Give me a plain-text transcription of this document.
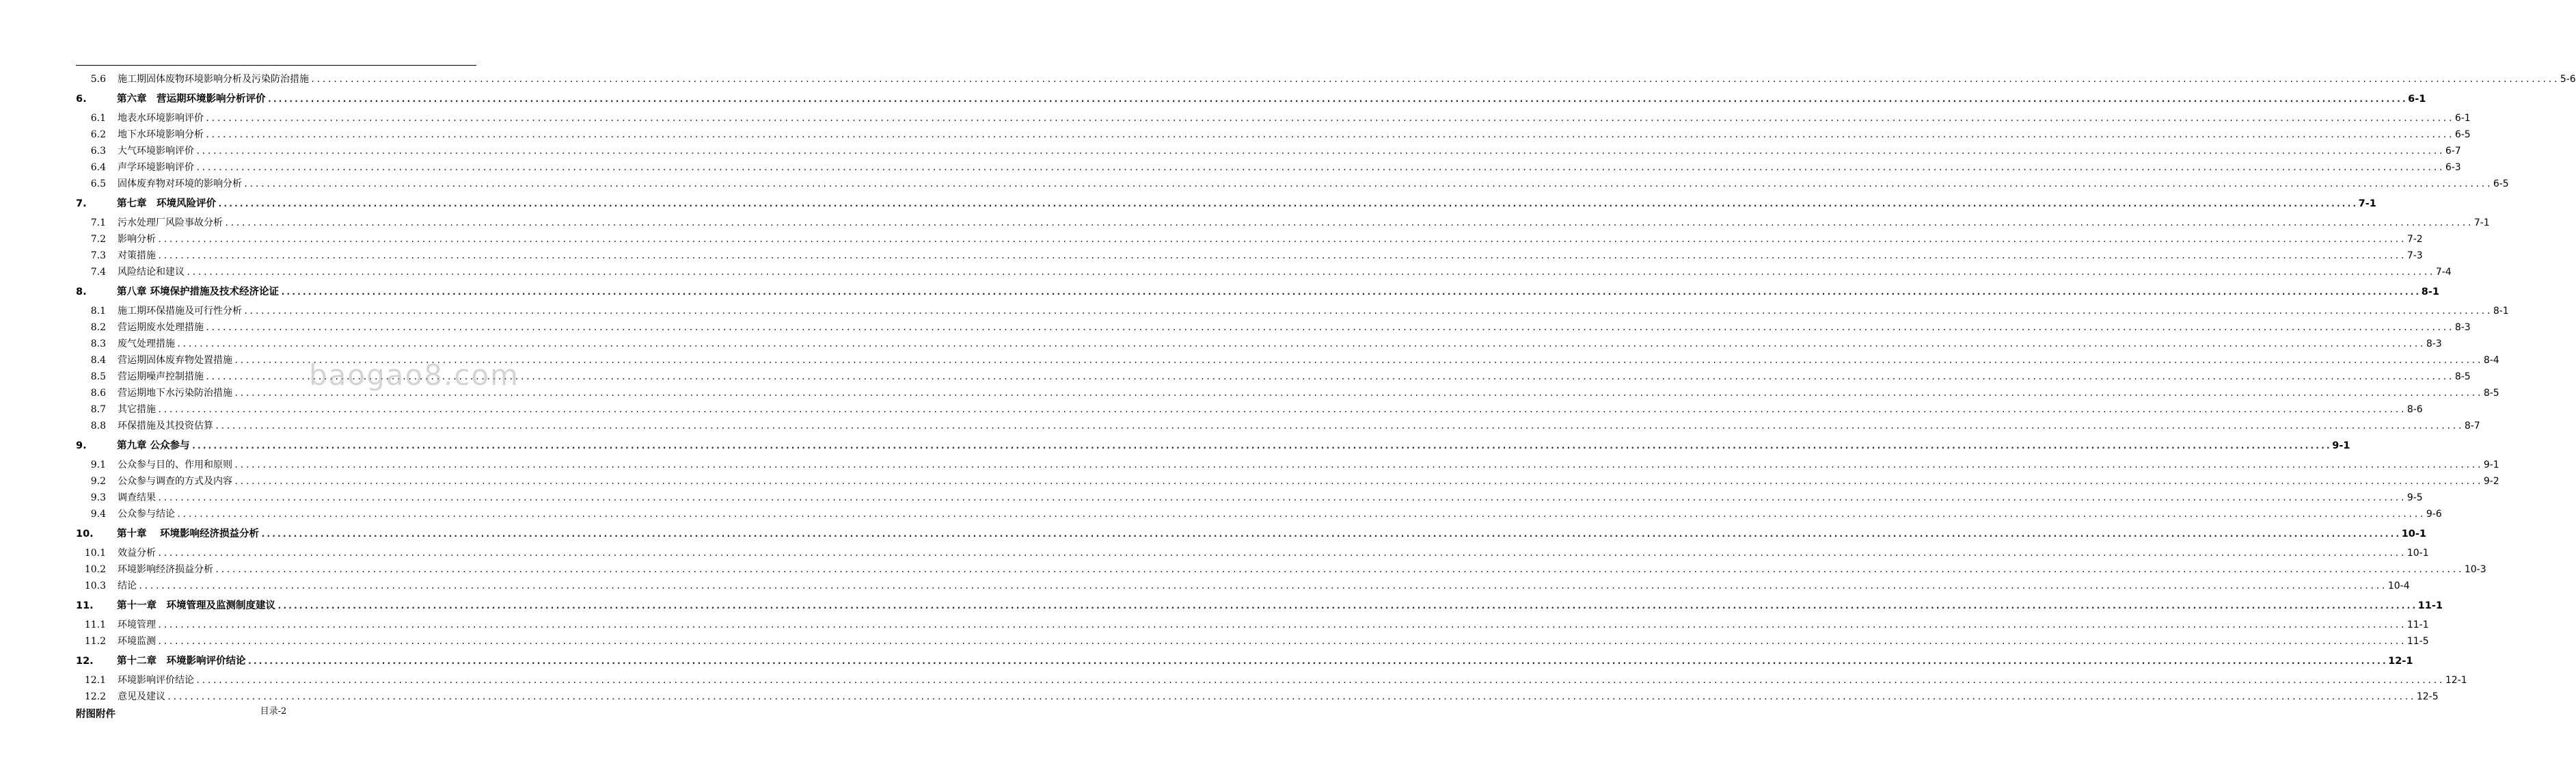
5.6 施工期固体废物环境影响分析及污染防治措施 ................................................................................................................................................................................................................................................................................................................................................................................................................ 5-6
6.	第六章　营运期环境影响分析评价 ................................................................................................................................................................................................................................................................................................................................................................................................................ 6-1
6.1 地表水环境影响评价 ................................................................................................................................................................................................................................................................................................................................................................................................................ 6-1
6.2 地下水环境影响分析 ................................................................................................................................................................................................................................................................................................................................................................................................................ 6-5
6.3 大气环境影响评价 ................................................................................................................................................................................................................................................................................................................................................................................................................ 6-7
6.4 声学环境影响评价 ................................................................................................................................................................................................................................................................................................................................................................................................................ 6-3
6.5 固体废弃物对环境的影响分析 ................................................................................................................................................................................................................................................................................................................................................................................................................ 6-5
7.	第七章　环境风险评价 ................................................................................................................................................................................................................................................................................................................................................................................................................ 7-1
7.1 污水处理厂风险事故分析 ................................................................................................................................................................................................................................................................................................................................................................................................................ 7-1
7.2 影响分析 ................................................................................................................................................................................................................................................................................................................................................................................................................ 7-2
7.3 对策措施 ................................................................................................................................................................................................................................................................................................................................................................................................................ 7-3
7.4 风险结论和建议 ................................................................................................................................................................................................................................................................................................................................................................................................................ 7-4
8.	第八章 环境保护措施及技术经济论证 ................................................................................................................................................................................................................................................................................................................................................................................................................ 8-1
8.1 施工期环保措施及可行性分析 ................................................................................................................................................................................................................................................................................................................................................................................................................ 8-1
8.2 营运期废水处理措施 ................................................................................................................................................................................................................................................................................................................................................................................................................ 8-3
8.3 废气处理措施 ................................................................................................................................................................................................................................................................................................................................................................................................................ 8-3
8.4 营运期固体废弃物处置措施 ................................................................................................................................................................................................................................................................................................................................................................................................................ 8-4
8.5 营运期噪声控制措施 ................................................................................................................................................................................................................................................................................................................................................................................................................ 8-5
8.6 营运期地下水污染防治措施 ................................................................................................................................................................................................................................................................................................................................................................................................................ 8-5
8.7 其它措施 ................................................................................................................................................................................................................................................................................................................................................................................................................ 8-6
8.8 环保措施及其投资估算 ................................................................................................................................................................................................................................................................................................................................................................................................................ 8-7
9.	第九章 公众参与 ................................................................................................................................................................................................................................................................................................................................................................................................................ 9-1
9.1 公众参与目的、作用和原则 ................................................................................................................................................................................................................................................................................................................................................................................................................ 9-1
9.2 公众参与调查的方式及内容 ................................................................................................................................................................................................................................................................................................................................................................................................................ 9-2
9.3 调查结果 ................................................................................................................................................................................................................................................................................................................................................................................................................ 9-5
9.4 公众参与结论 ................................................................................................................................................................................................................................................................................................................................................................................................................ 9-6
10.	第十章　 环境影响经济损益分析 ................................................................................................................................................................................................................................................................................................................................................................................................................ 10-1
10.1 效益分析 ................................................................................................................................................................................................................................................................................................................................................................................................................ 10-1
10.2 环境影响经济损益分析 ................................................................................................................................................................................................................................................................................................................................................................................................................ 10-3
10.3 结论 ................................................................................................................................................................................................................................................................................................................................................................................................................ 10-4
11.	第十一章　环境管理及监测制度建议 ................................................................................................................................................................................................................................................................................................................................................................................................................ 11-1
11.1 环境管理 ................................................................................................................................................................................................................................................................................................................................................................................................................ 11-1
11.2 环境监测 ................................................................................................................................................................................................................................................................................................................................................................................................................ 11-5
12.	第十二章　环境影响评价结论 ................................................................................................................................................................................................................................................................................................................................................................................................................ 12-1
12.1 环境影响评价结论 ................................................................................................................................................................................................................................................................................................................................................................................................................ 12-1
12.2 意见及建议 ................................................................................................................................................................................................................................................................................................................................................................................................................ 12-5
附图附件
baogao8.com
目录-2
